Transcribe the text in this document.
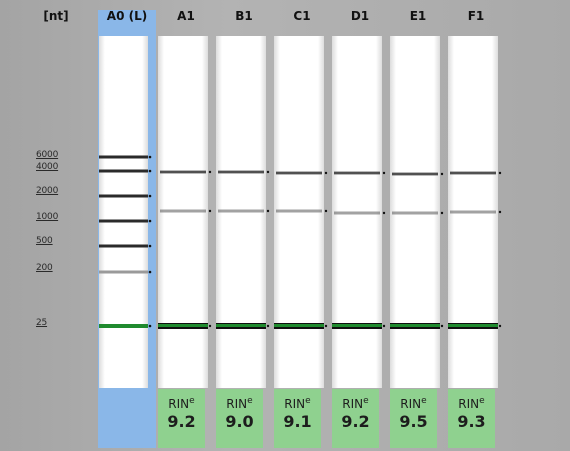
[nt]	A0 (L)	A1	B1	C1	D1	E1	F1
6000
4000
2000
1000
500
200
25
RIN$^e$
9.2
RIN$^e$
9.0
RIN$^e$
9.1
RIN$^e$
9.2
RIN$^e$
9.5
RIN$^e$
9.3
